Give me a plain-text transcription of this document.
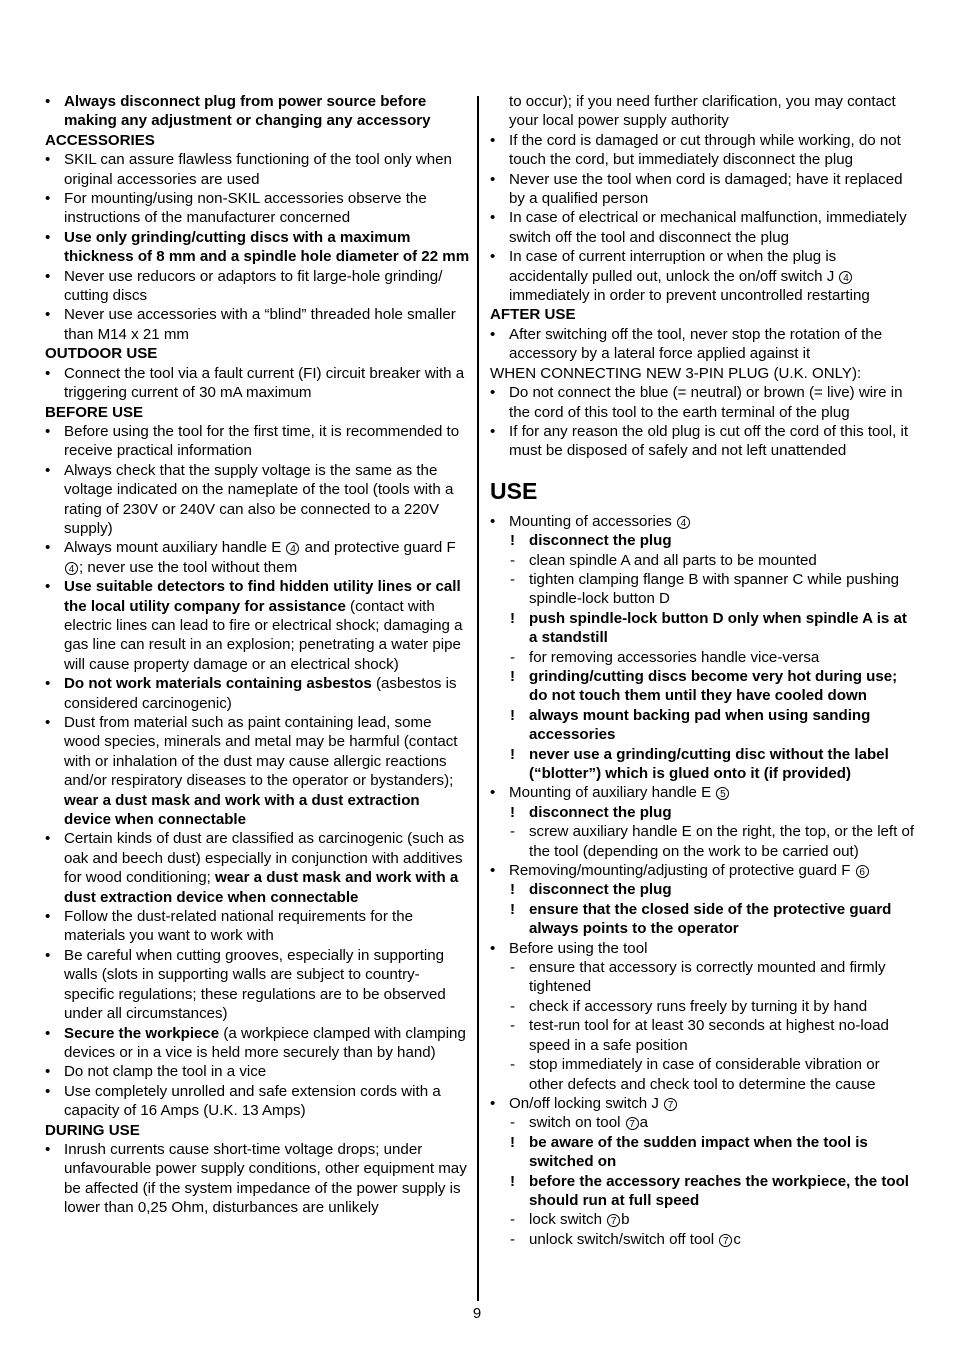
• Always disconnect plug from power source before making any adjustment or changing any accessory
ACCESSORIES
• SKIL can assure flawless functioning of the tool only when original accessories are used
• For mounting/using non-SKIL accessories observe the instructions of the manufacturer concerned
• Use only grinding/cutting discs with a maximum thickness of 8 mm and a spindle hole diameter of 22 mm
• Never use reducors or adaptors to fit large-hole grinding/ cutting discs
• Never use accessories with a “blind” threaded hole smaller than M14 x 21 mm
OUTDOOR USE
• Connect the tool via a fault current (FI) circuit breaker with a triggering current of 30 mA maximum
BEFORE USE
• Before using the tool for the first time, it is recommended to receive practical information
• Always check that the supply voltage is the same as the voltage indicated on the nameplate of the tool (tools with a rating of 230V or 240V can also be connected to a 220V supply)
• Always mount auxiliary handle E 4 and protective guard F 4 ; never use the tool without them
• Use suitable detectors to find hidden utility lines or call the local utility company for assistance (contact with electric lines can lead to fire or electrical shock; damaging a gas line can result in an explosion; penetrating a water pipe will cause property damage or an electrical shock)
• Do not work materials containing asbestos (asbestos is considered carcinogenic)
• Dust from material such as paint containing lead, some wood species, minerals and metal may be harmful (contact with or inhalation of the dust may cause allergic reactions and/or respiratory diseases to the operator or bystanders); wear a dust mask and work with a dust extraction device when connectable
• Certain kinds of dust are classified as carcinogenic (such as oak and beech dust) especially in conjunction with additives for wood conditioning; wear a dust mask and work with a dust extraction device when connectable
• Follow the dust-related national requirements for the materials you want to work with
• Be careful when cutting grooves, especially in supporting walls (slots in supporting walls are subject to country-specific regulations; these regulations are to be observed under all circumstances)
• Secure the workpiece (a workpiece clamped with clamping devices or in a vice is held more securely than by hand)
• Do not clamp the tool in a vice
• Use completely unrolled and safe extension cords with a capacity of 16 Amps (U.K. 13 Amps)
DURING USE
• Inrush currents cause short-time voltage drops; under unfavourable power supply conditions, other equipment may be affected (if the system impedance of the power supply is lower than 0,25 Ohm, disturbances are unlikely
to occur); if you need further clarification, you may contact your local power supply authority
• If the cord is damaged or cut through while working, do not touch the cord, but immediately disconnect the plug
• Never use the tool when cord is damaged; have it replaced by a qualified person
• In case of electrical or mechanical malfunction, immediately switch off the tool and disconnect the plug
• In case of current interruption or when the plug is accidentally pulled out, unlock the on/off switch J 4 immediately in order to prevent uncontrolled restarting
AFTER USE
• After switching off the tool, never stop the rotation of the accessory by a lateral force applied against it
WHEN CONNECTING NEW 3-PIN PLUG (U.K. ONLY):
• Do not connect the blue (= neutral) or brown (= live) wire in the cord of this tool to the earth terminal of the plug
• If for any reason the old plug is cut off the cord of this tool, it must be disposed of safely and not left unattended
USE
• Mounting of accessories 4
! disconnect the plug
- clean spindle A and all parts to be mounted
- tighten clamping flange B with spanner C while pushing spindle-lock button D
! push spindle-lock button D only when spindle A is at a standstill
- for removing accessories handle vice-versa
! grinding/cutting discs become very hot during use; do not touch them until they have cooled down
! always mount backing pad when using sanding accessories
! never use a grinding/cutting disc without the label (“blotter”) which is glued onto it (if provided)
• Mounting of auxiliary handle E 5
! disconnect the plug
- screw auxiliary handle E on the right, the top, or the left of the tool (depending on the work to be carried out)
• Removing/mounting/adjusting of protective guard F 6
! disconnect the plug
! ensure that the closed side of the protective guard always points to the operator
• Before using the tool
- ensure that accessory is correctly mounted and firmly tightened
- check if accessory runs freely by turning it by hand
- test-run tool for at least 30 seconds at highest no-load speed in a safe position
- stop immediately in case of considerable vibration or other defects and check tool to determine the cause
• On/off locking switch J 7
- switch on tool 7 a
! be aware of the sudden impact when the tool is switched on
! before the accessory reaches the workpiece, the tool should run at full speed
- lock switch 7 b
- unlock switch/switch off tool 7 c
9
